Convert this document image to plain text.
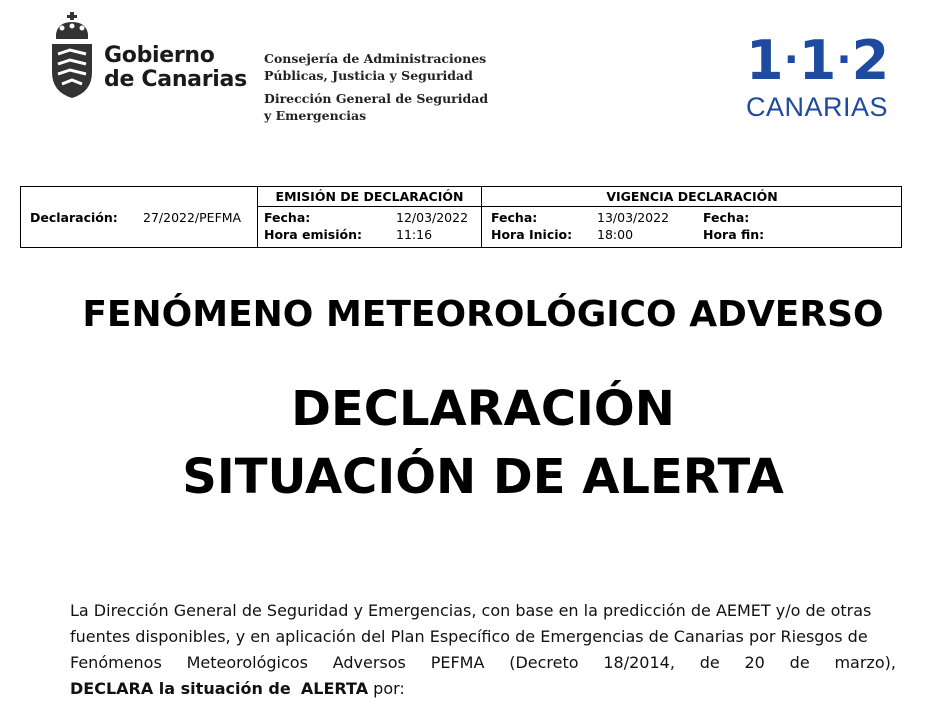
Gobierno
de Canarias
Consejería de Administraciones
Públicas, Justicia y Seguridad
Dirección General de Seguridad
y Emergencias
1·1·2
CANARIAS
Declaración: 27/2022/PEFMA
EMISIÓN DE DECLARACIÓN
Fecha:	12/03/2022
Hora emisión:	11:16
VIGENCIA DECLARACIÓN
Fecha:	13/03/2022
Hora Inicio: 18:00
Fecha:
Hora fin:
FENÓMENO METEOROLÓGICO ADVERSO
DECLARACIÓN
SITUACIÓN DE ALERTA
La Dirección General de Seguridad y Emergencias, con base en la predicción de AEMET y/o de otras
fuentes disponibles, y en aplicación del Plan Específico de Emergencias de Canarias por Riesgos de
Fenómenos Meteorológicos Adversos PEFMA (Decreto 18/2014, de 20 de marzo),
DECLARA la situación de ALERTA por:
